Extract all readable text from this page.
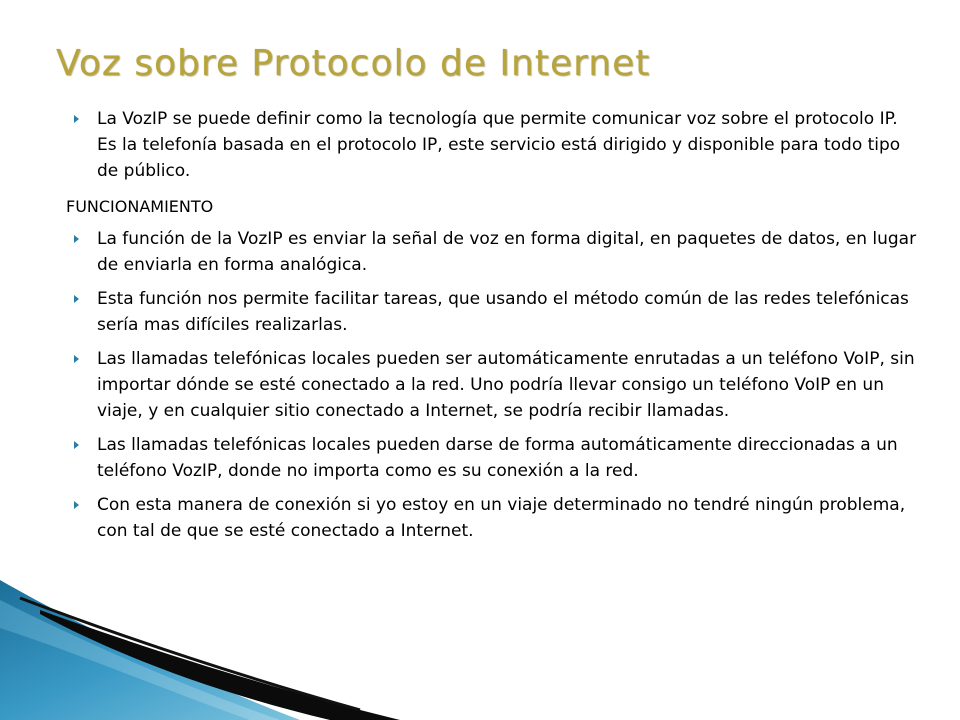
Voz sobre Protocolo de Internet
La VozIP se puede definir como la tecnología que permite comunicar voz sobre el protocolo IP. Es la telefonía basada en el protocolo IP, este servicio está dirigido y disponible para todo tipo de público.
FUNCIONAMIENTO
La función de la VozIP es enviar la señal de voz en forma digital, en paquetes de datos, en lugar de enviarla en forma analógica.
Esta función nos permite facilitar tareas, que usando el método común de las redes telefónicas sería mas difíciles realizarlas.
Las llamadas telefónicas locales pueden ser automáticamente enrutadas a un teléfono VoIP, sin importar dónde se esté conectado a la red. Uno podría llevar consigo un teléfono VoIP en un viaje, y en cualquier sitio conectado a Internet, se podría recibir llamadas.
Las llamadas telefónicas locales pueden darse de forma automáticamente direccionadas a un teléfono VozIP, donde no importa como es su conexión a la red.
Con esta manera de conexión si yo estoy en un viaje determinado no tendré ningún problema, con tal de que se esté conectado a Internet.
